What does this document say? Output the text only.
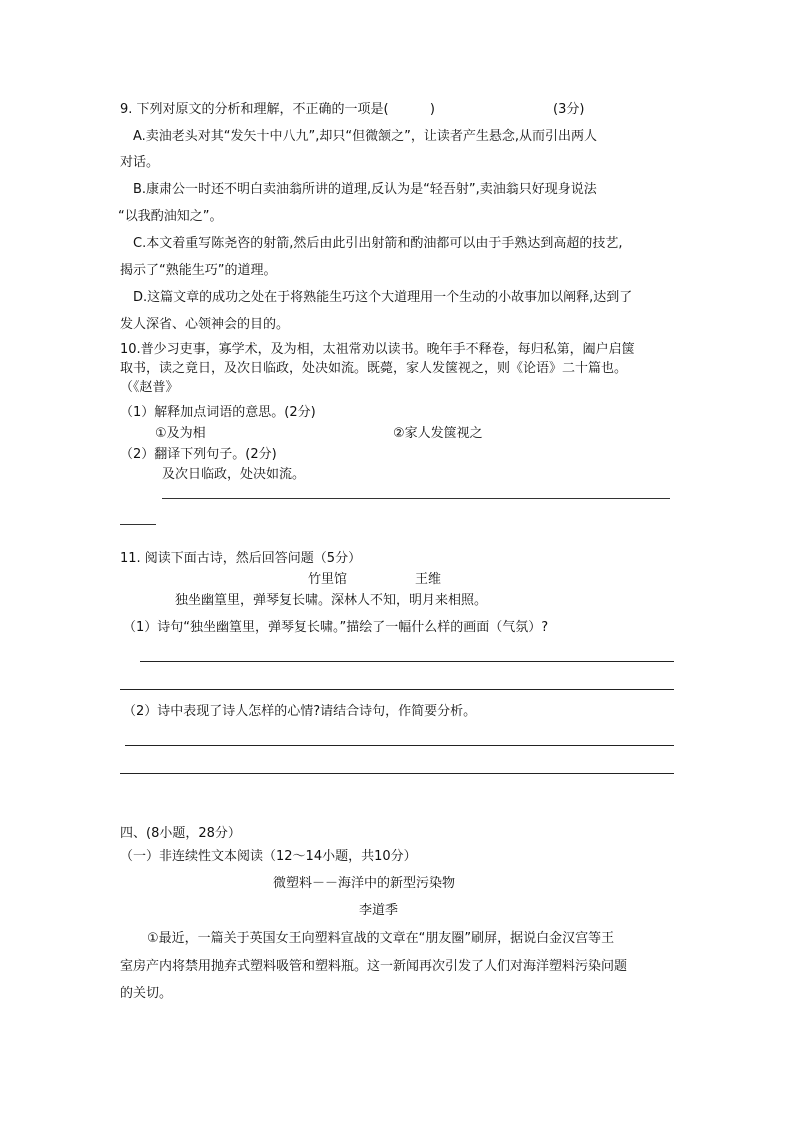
9. 下列对原文的分析和理解，不正确的一项是(          )	(3分)
A.卖油老头对其“发矢十中八九”,却只“但微颔之”，让读者产生悬念,从而引出两人
对话。
B.康肃公一时还不明白卖油翁所讲的道理,反认为是“轻吾射”,卖油翁只好现身说法
“以我酌油知之”。
C.本文着重写陈尧咨的射箭,然后由此引出射箭和酌油都可以由于手熟达到高超的技艺,
揭示了“熟能生巧”的道理。
D.这篇文章的成功之处在于将熟能生巧这个大道理用一个生动的小故事加以阐释,达到了
发人深省、心领神会的目的。
10.普少习吏事，寡学术，及为相，太祖常劝以读书。晚年手不释卷，每归私第，阖户启箧
取书，读之竟日，及次日临政，处决如流。既薨，家人发箧视之，则《论语》二十篇也。
（《赵普》
（1）解释加点词语的意思。(2分)
①及为相	②家人发箧视之
（2）翻译下列句子。(2分)
及次日临政，处决如流。
11. 阅读下面古诗，然后回答问题（5分）
竹里馆	王维
独坐幽篁里，弹琴复长啸。深林人不知，明月来相照。
（1）诗句“独坐幽篁里，弹琴复长啸。”描绘了一幅什么样的画面（气氛）?
（2）诗中表现了诗人怎样的心情?请结合诗句，作简要分析。
四、(8小题，28分）
（一）非连续性文本阅读（12～14小题，共10分）
微塑料－－海洋中的新型污染物
李道季
①最近，一篇关于英国女王向塑料宣战的文章在“朋友圈”刷屏，据说白金汉宫等王
室房产内将禁用抛弃式塑料吸管和塑料瓶。这一新闻再次引发了人们对海洋塑料污染问题
的关切。
